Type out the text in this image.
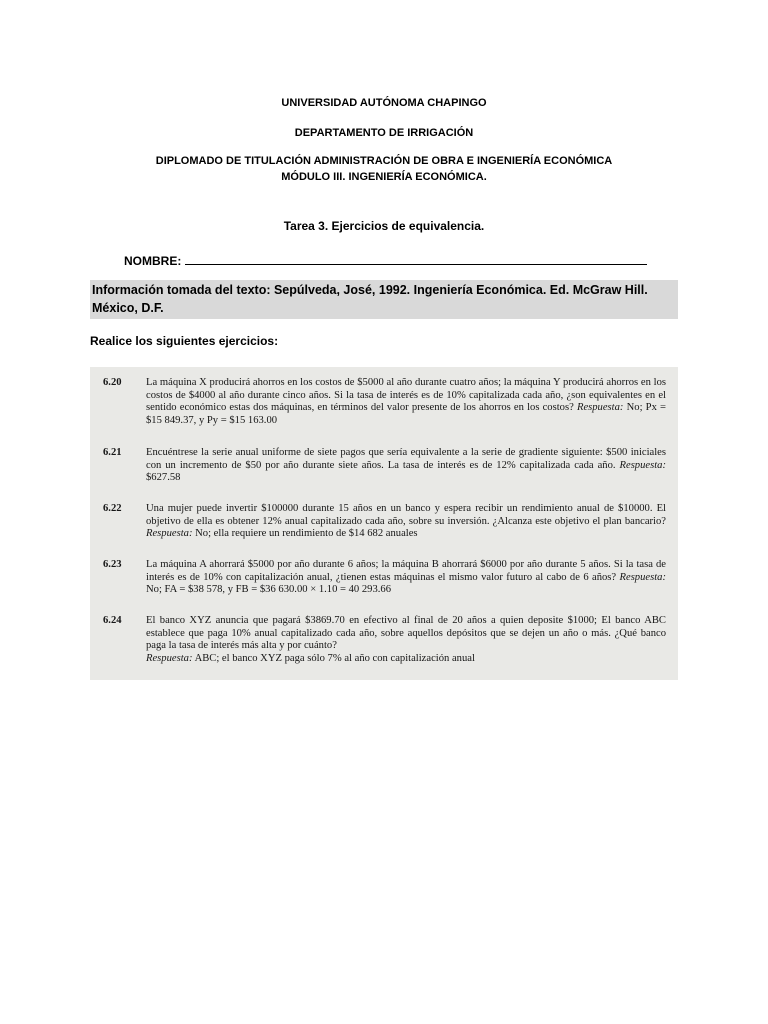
UNIVERSIDAD AUTÓNOMA CHAPINGO
DEPARTAMENTO DE IRRIGACIÓN
DIPLOMADO DE TITULACIÓN ADMINISTRACIÓN DE OBRA E INGENIERÍA ECONÓMICA
MÓDULO III. INGENIERÍA ECONÓMICA.
Tarea 3. Ejercicios de equivalencia.
NOMBRE:
Información tomada del texto: Sepúlveda, José, 1992. Ingeniería Económica. Ed. McGraw Hill. México, D.F.
Realice los siguientes ejercicios:

6.20	La máquina X producirá ahorros en los costos de $5000 al año durante cuatro años; la máquina Y producirá ahorros en los costos de $4000 al año durante cinco años. Si la tasa de interés es de 10% capitalizada cada año, ¿son equivalentes en el sentido económico estas dos máquinas, en términos del valor presente de los ahorros en los costos? Respuesta: No; Px = $15 849.37, y Py = $15 163.00

6.21	Encuéntrese la serie anual uniforme de siete pagos que sería equivalente a la serie de gradiente siguiente: $500 iniciales con un incremento de $50 por año durante siete años. La tasa de interés es de 12% capitalizada cada año. Respuesta: $627.58

6.22	Una mujer puede invertir $100000 durante 15 años en un banco y espera recibir un rendimiento anual de $10000. El objetivo de ella es obtener 12% anual capitalizado cada año, sobre su inversión. ¿Alcanza este objetivo el plan bancario? Respuesta: No; ella requiere un rendimiento de $14 682 anuales

6.23	La máquina A ahorrará $5000 por año durante 6 años; la máquina B ahorrará $6000 por año durante 5 años. Si la tasa de interés es de 10% con capitalización anual, ¿tienen estas máquinas el mismo valor futuro al cabo de 6 años? Respuesta: No; FA = $38 578, y FB = $36 630.00 × 1.10 = 40 293.66

6.24	El banco XYZ anuncia que pagará $3869.70 en efectivo al final de 20 años a quien deposite $1000; El banco ABC establece que paga 10% anual capitalizado cada año, sobre aquellos depósitos que se dejen un año o más. ¿Qué banco paga la tasa de interés más alta y por cuánto?
Respuesta: ABC; el banco XYZ paga sólo 7% al año con capitalización anual
